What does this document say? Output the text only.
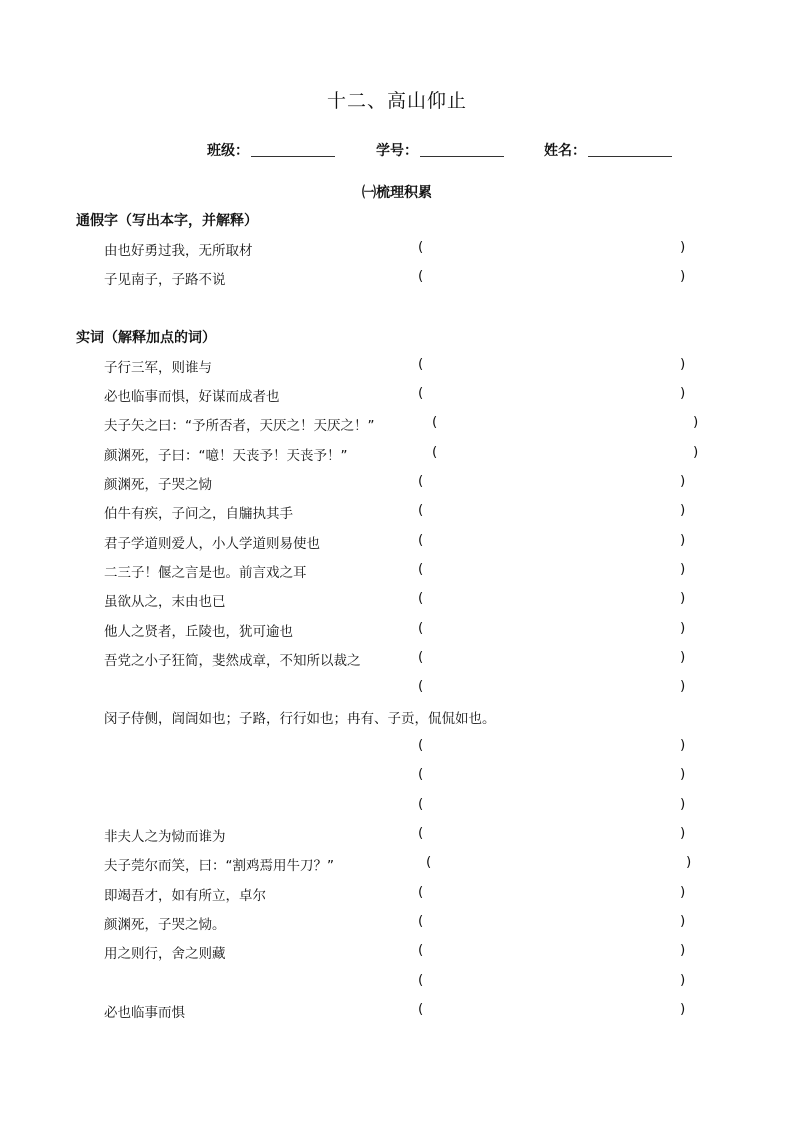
十二、高山仰止
班级：	学号：	姓名：
㈠梳理积累
通假字（写出本字，并解释）
由也好勇过我，无所取材	(	)
子见南子，子路不说	(	)
实词（解释加点的词）
子行三军，则谁与	(	)
必也临事而惧，好谋而成者也	(	)
夫子矢之曰：“予所否者，天厌之！天厌之！”	(	)
颜渊死，子曰：“噫！天丧予！天丧予！”	(	)
颜渊死，子哭之恸	(	)
伯牛有疾，子问之，自牖执其手	(	)
君子学道则爱人，小人学道则易使也	(	)
二三子！偃之言是也。前言戏之耳	(	)
虽欲从之，末由也已	(	)
他人之贤者，丘陵也，犹可逾也	(	)
吾党之小子狂简，斐然成章，不知所以裁之	(	)
(	)
闵子侍侧，訚訚如也；子路，行行如也；冉有、子贡，侃侃如也。
(	)
(	)
(	)
非夫人之为恸而谁为	(	)
夫子莞尔而笑，曰：“割鸡焉用牛刀？”	(	)
即竭吾才，如有所立，卓尔	(	)
颜渊死，子哭之恸。	(	)
用之则行，舍之则藏	(	)
(	)
必也临事而惧	(	)
